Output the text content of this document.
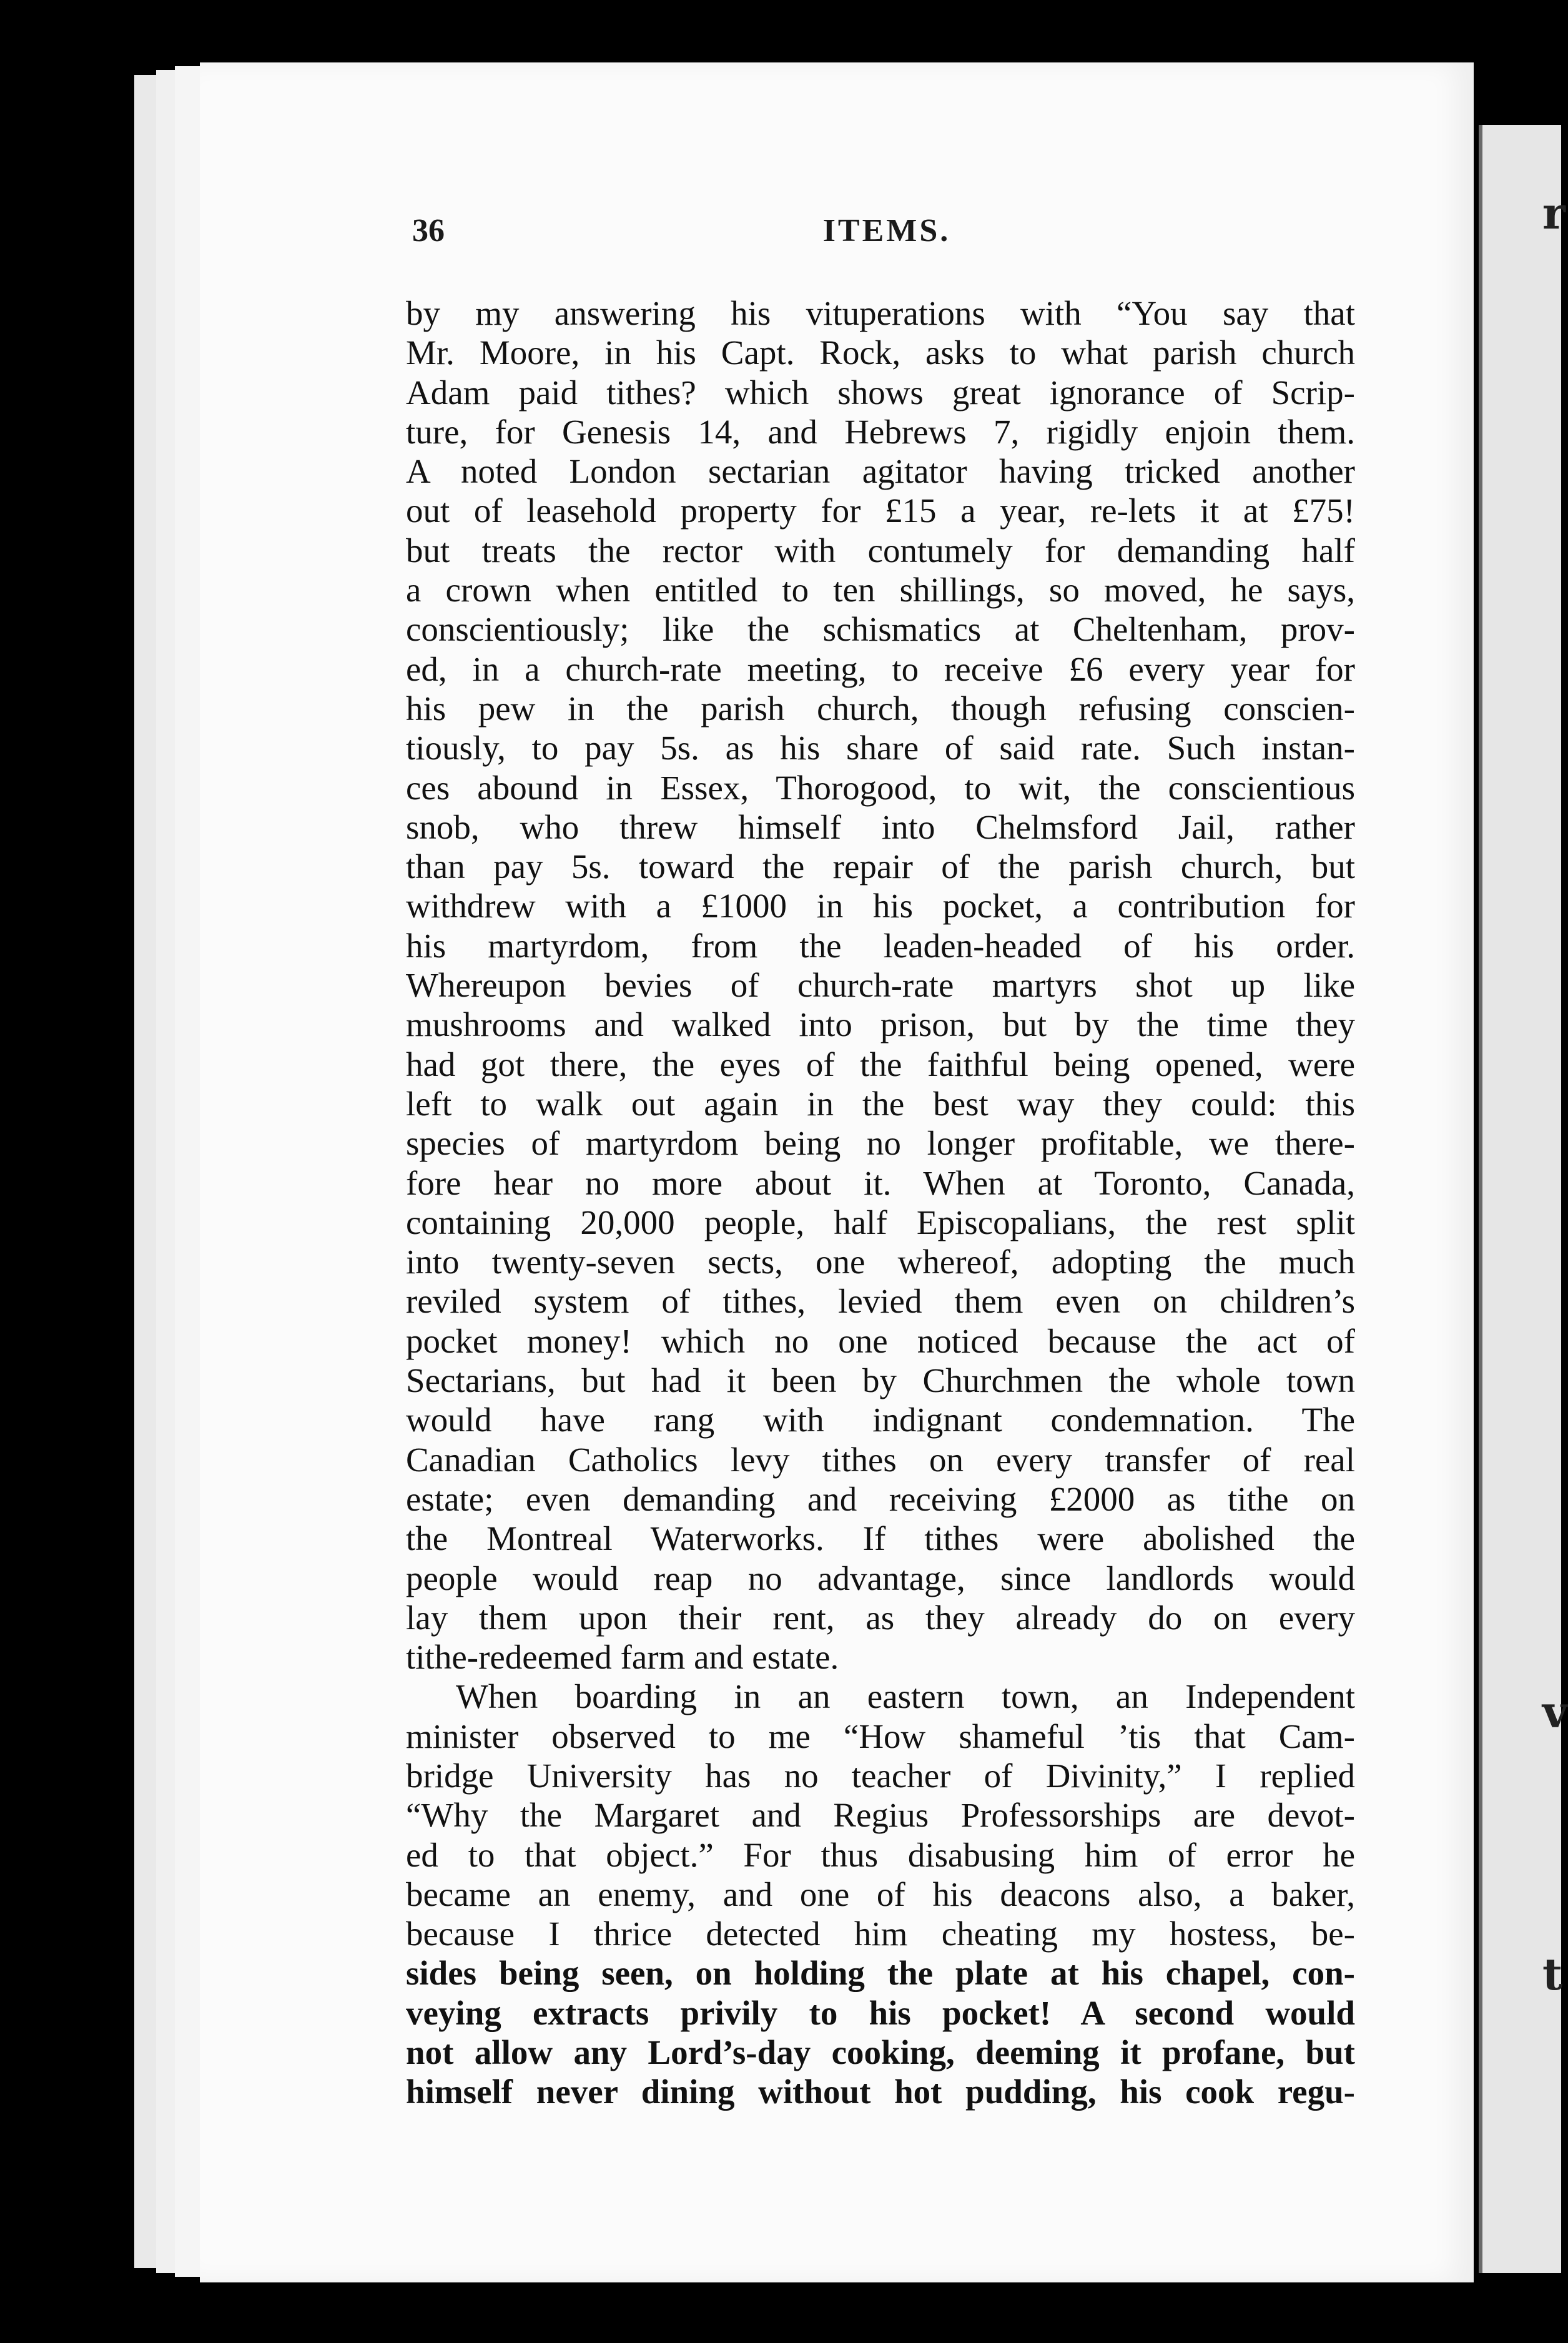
r
v
t
36	ITEMS.
by my answering his vituperations with “You say that
Mr. Moore, in his Capt. Rock, asks to what parish church
Adam paid tithes? which shows great ignorance of Scrip-
ture, for Genesis 14, and Hebrews 7, rigidly enjoin them.
A noted London sectarian agitator having tricked another
out of leasehold property for £15 a year, re-lets it at £75!
but treats the rector with contumely for demanding half
a crown when entitled to ten shillings, so moved, he says,
conscientiously; like the schismatics at Cheltenham, prov-
ed, in a church-rate meeting, to receive £6 every year for
his pew in the parish church, though refusing conscien-
tiously, to pay 5s. as his share of said rate. Such instan-
ces abound in Essex, Thorogood, to wit, the conscientious
snob, who threw himself into Chelmsford Jail, rather
than pay 5s. toward the repair of the parish church, but
withdrew with a £1000 in his pocket, a contribution for
his martyrdom, from the leaden-headed of his order.
Whereupon bevies of church-rate martyrs shot up like
mushrooms and walked into prison, but by the time they
had got there, the eyes of the faithful being opened, were
left to walk out again in the best way they could: this
species of martyrdom being no longer profitable, we there-
fore hear no more about it. When at Toronto, Canada,
containing 20,000 people, half Episcopalians, the rest split
into twenty-seven sects, one whereof, adopting the much
reviled system of tithes, levied them even on children’s
pocket money! which no one noticed because the act of
Sectarians, but had it been by Churchmen the whole town
would have rang with indignant condemnation. The
Canadian Catholics levy tithes on every transfer of real
estate; even demanding and receiving £2000 as tithe on
the Montreal Waterworks. If tithes were abolished the
people would reap no advantage, since landlords would
lay them upon their rent, as they already do on every
tithe-redeemed farm and estate.
When boarding in an eastern town, an Independent
minister observed to me “How shameful ’tis that Cam-
bridge University has no teacher of Divinity,” I replied
“Why the Margaret and Regius Professorships are devot-
ed to that object.” For thus disabusing him of error he
became an enemy, and one of his deacons also, a baker,
because I thrice detected him cheating my hostess, be-
sides being seen, on holding the plate at his chapel, con-
veying extracts privily to his pocket! A second would
not allow any Lord’s-day cooking, deeming it profane, but
himself never dining without hot pudding, his cook regu-
